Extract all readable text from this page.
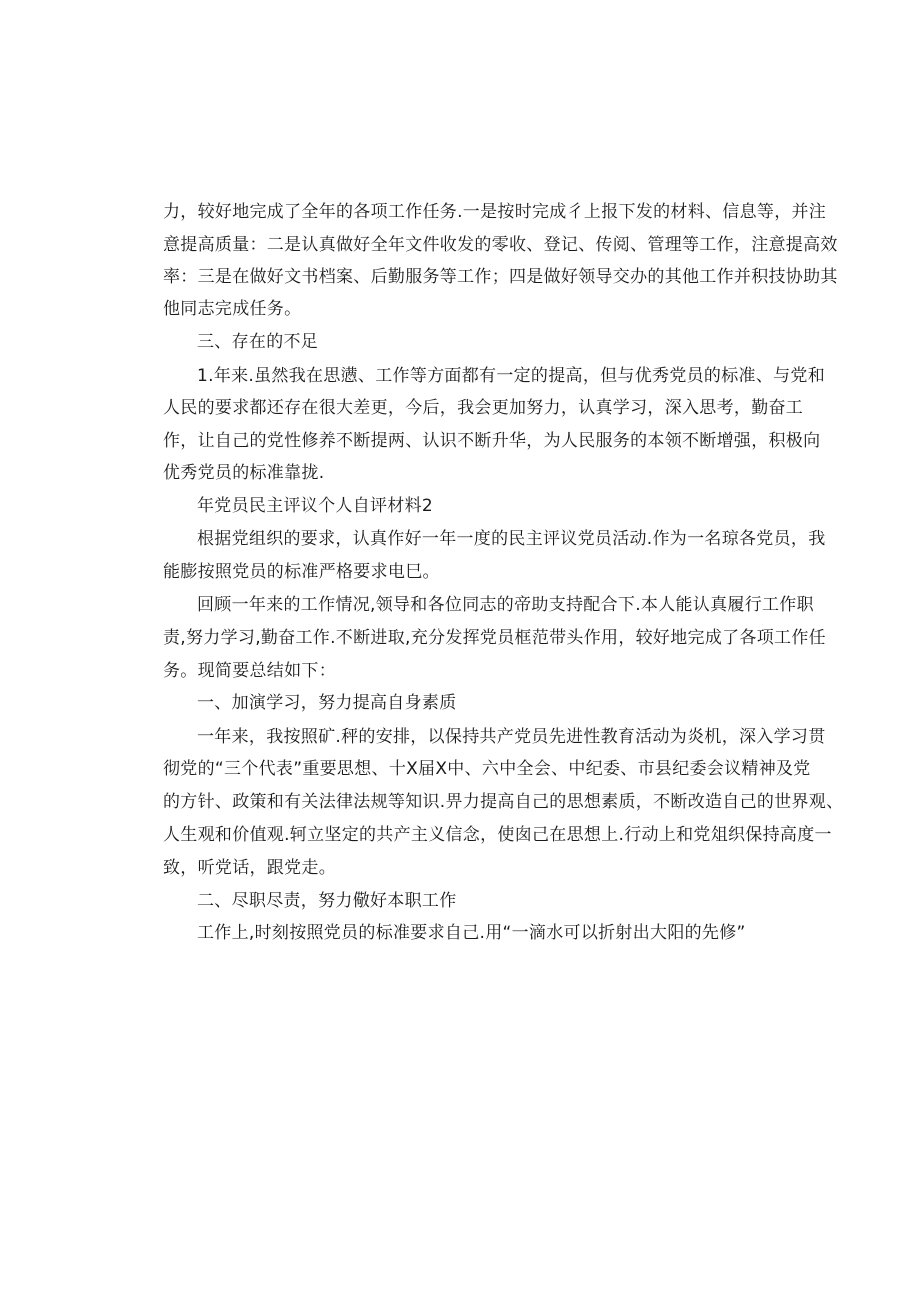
力，较好地完成了全年的各项工作任务.一是按时完成彳上报下发的材料、信息等，并注
意提高质量：二是认真做好全年文件收发的零收、登记、传阅、管理等工作，注意提高效
率：三是在做好文书档案、后勤服务等工作；四是做好领导交办的其他工作并积技协助其
他同志完成任务。
三、存在的不足
1.年来.虽然我在思懑、工作等方面都有一定的提高，但与优秀党员的标准、与党和
人民的要求都还存在很大差更，今后，我会更加努力，认真学习，深入思考，勤奋工
作，让自己的党性修养不断提两、认识不断升华，为人民服务的本领不断增强，积极向
优秀党员的标准靠拢.
年党员民主评议个人自评材料2
根据党组织的要求，认真作好一年一度的民主评议党员活动.作为一名琼各党员，我
能膨按照党员的标准严格要求电巳。
回顾一年来的工作情况,领导和各位同志的帝助支持配合下.本人能认真履行工作职
责,努力学习,勤奋工作.不断进取,充分发挥党员框范带头作用，较好地完成了各项工作任
务。现简要总结如下：
一、加演学习，努力提高自身素质
一年来，我按照矿.秤的安排，以保持共产党员先进性教育活动为炎机，深入学习贯
彻党的“三个代表”重要思想、十X届X中、六中全会、中纪委、市县纪委会议精神及党
的方针、政策和有关法律法规等知识.畀力提高自己的思想素质，不断改造自己的世界观、
人生观和价值观.轲立坚定的共产主义信念，使囱己在思想上.行动上和党俎织保持高度一
致，听党话，跟党走。
二、尽职尽责，努力儆好本职工作
工作上,时刻按照党员的标准要求自己.用“一滴水可以折射出大阳的先修”
